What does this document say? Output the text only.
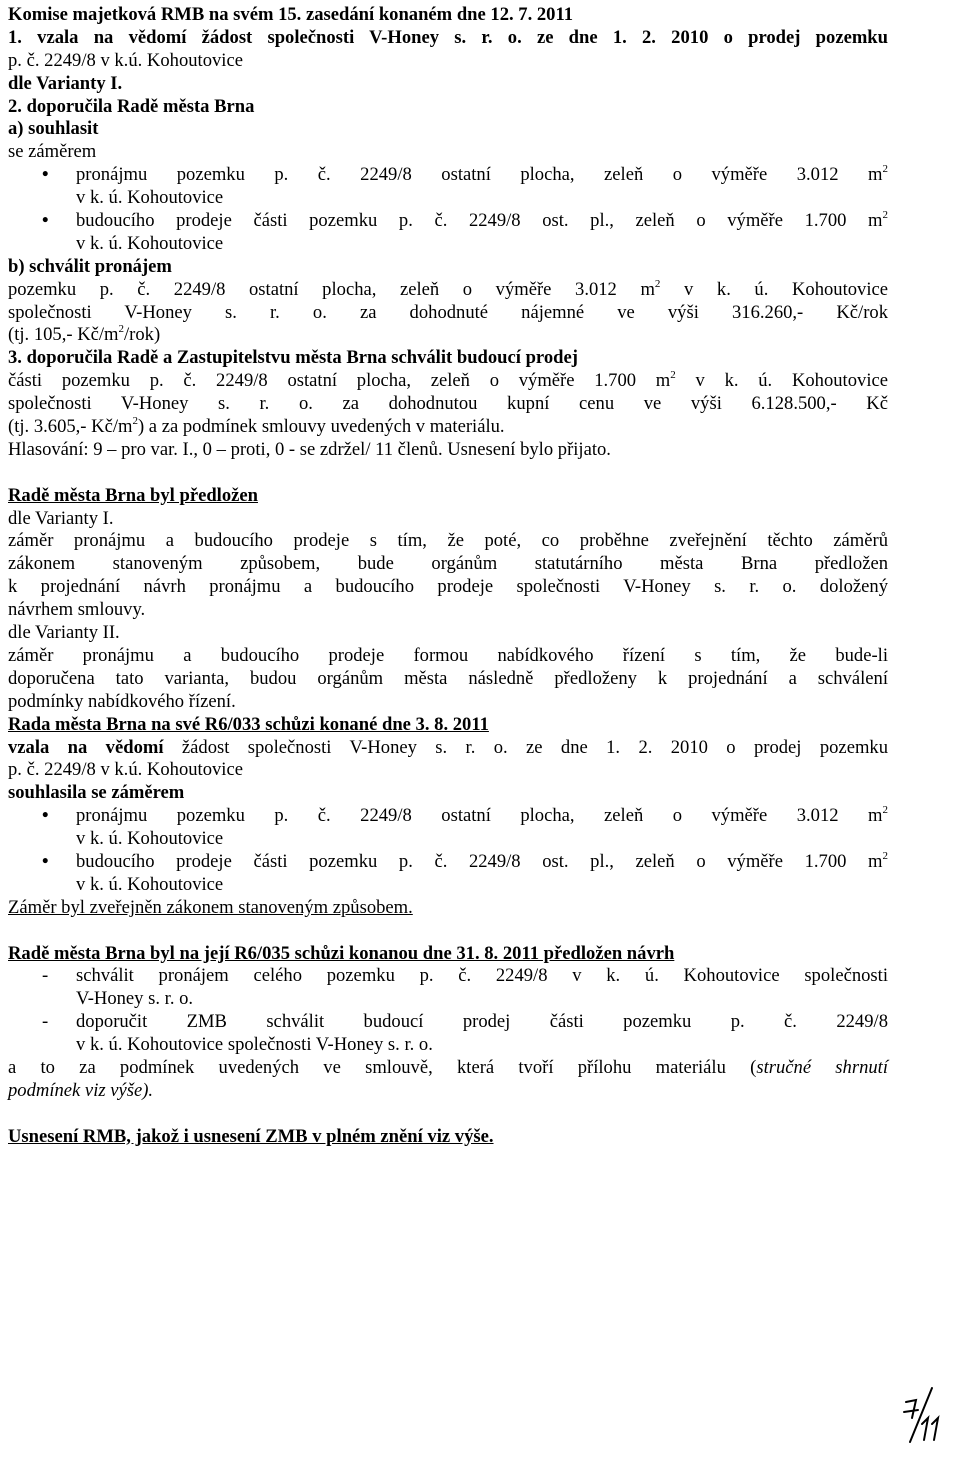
Komise majetková RMB na svém 15. zasedání konaném dne 12. 7. 2011
1. vzala na vědomí žádost společnosti V-Honey s. r. o. ze dne 1. 2. 2010 o prodej pozemku
p. č. 2249/8 v k.ú. Kohoutovice
dle Varianty I.
2. doporučila Radě města Brna
a) souhlasit
se záměrem
• pronájmu pozemku p. č. 2249/8 ostatní plocha, zeleň o výměře 3.012 $m^2$
v k. ú. Kohoutovice
• budoucího prodeje části pozemku p. č. 2249/8 ost. pl., zeleň o výměře 1.700 $m^2$
v k. ú. Kohoutovice
b) schválit pronájem
pozemku p. č. 2249/8 ostatní plocha, zeleň o výměře 3.012 $m^2$ v k. ú. Kohoutovice
společnosti V-Honey s. r. o. za dohodnuté nájemné ve výši 316.260,- Kč/rok
(tj. 105,- $Kč/m^2/rok$)
3. doporučila Radě a Zastupitelstvu města Brna schválit budoucí prodej
části pozemku p. č. 2249/8 ostatní plocha, zeleň o výměře 1.700 $m^2$ v k. ú. Kohoutovice
společnosti V-Honey s. r. o. za dohodnutou kupní cenu ve výši 6.128.500,- Kč
(tj. 3.605,- $Kč/m^2$) a za podmínek smlouvy uvedených v materiálu.
Hlasování: 9 – pro var. I., 0 – proti, 0 - se zdržel/ 11 členů. Usnesení bylo přijato.
Radě města Brna byl předložen
dle Varianty I.
záměr pronájmu a budoucího prodeje s tím, že poté, co proběhne zveřejnění těchto záměrů
zákonem stanoveným způsobem, bude orgánům statutárního města Brna předložen
k projednání návrh pronájmu a budoucího prodeje společnosti V-Honey s. r. o. doložený
návrhem smlouvy.
dle Varianty II.
záměr pronájmu a budoucího prodeje formou nabídkového řízení s tím, že bude-li
doporučena tato varianta, budou orgánům města následně předloženy k projednání a schválení
podmínky nabídkového řízení.
Rada města Brna na své R6/033 schůzi konané dne 3. 8. 2011
vzala na vědomí žádost společnosti V-Honey s. r. o. ze dne 1. 2. 2010 o prodej pozemku
p. č. 2249/8 v k.ú. Kohoutovice
souhlasila se záměrem
• pronájmu pozemku p. č. 2249/8 ostatní plocha, zeleň o výměře 3.012 $m^2$
v k. ú. Kohoutovice
• budoucího prodeje části pozemku p. č. 2249/8 ost. pl., zeleň o výměře 1.700 $m^2$
v k. ú. Kohoutovice
Záměr byl zveřejněn zákonem stanoveným způsobem.
Radě města Brna byl na její R6/035 schůzi konanou dne 31. 8. 2011 předložen návrh
- schválit pronájem celého pozemku p. č. 2249/8 v k. ú. Kohoutovice společnosti
V-Honey s. r. o.
- doporučit ZMB schválit budoucí prodej části pozemku p. č. 2249/8
v k. ú. Kohoutovice společnosti V-Honey s. r. o.
a to za podmínek uvedených ve smlouvě, která tvoří přílohu materiálu (stručné shrnutí
podmínek viz výše).
Usnesení RMB, jakož i usnesení ZMB v plném znění viz výše.
